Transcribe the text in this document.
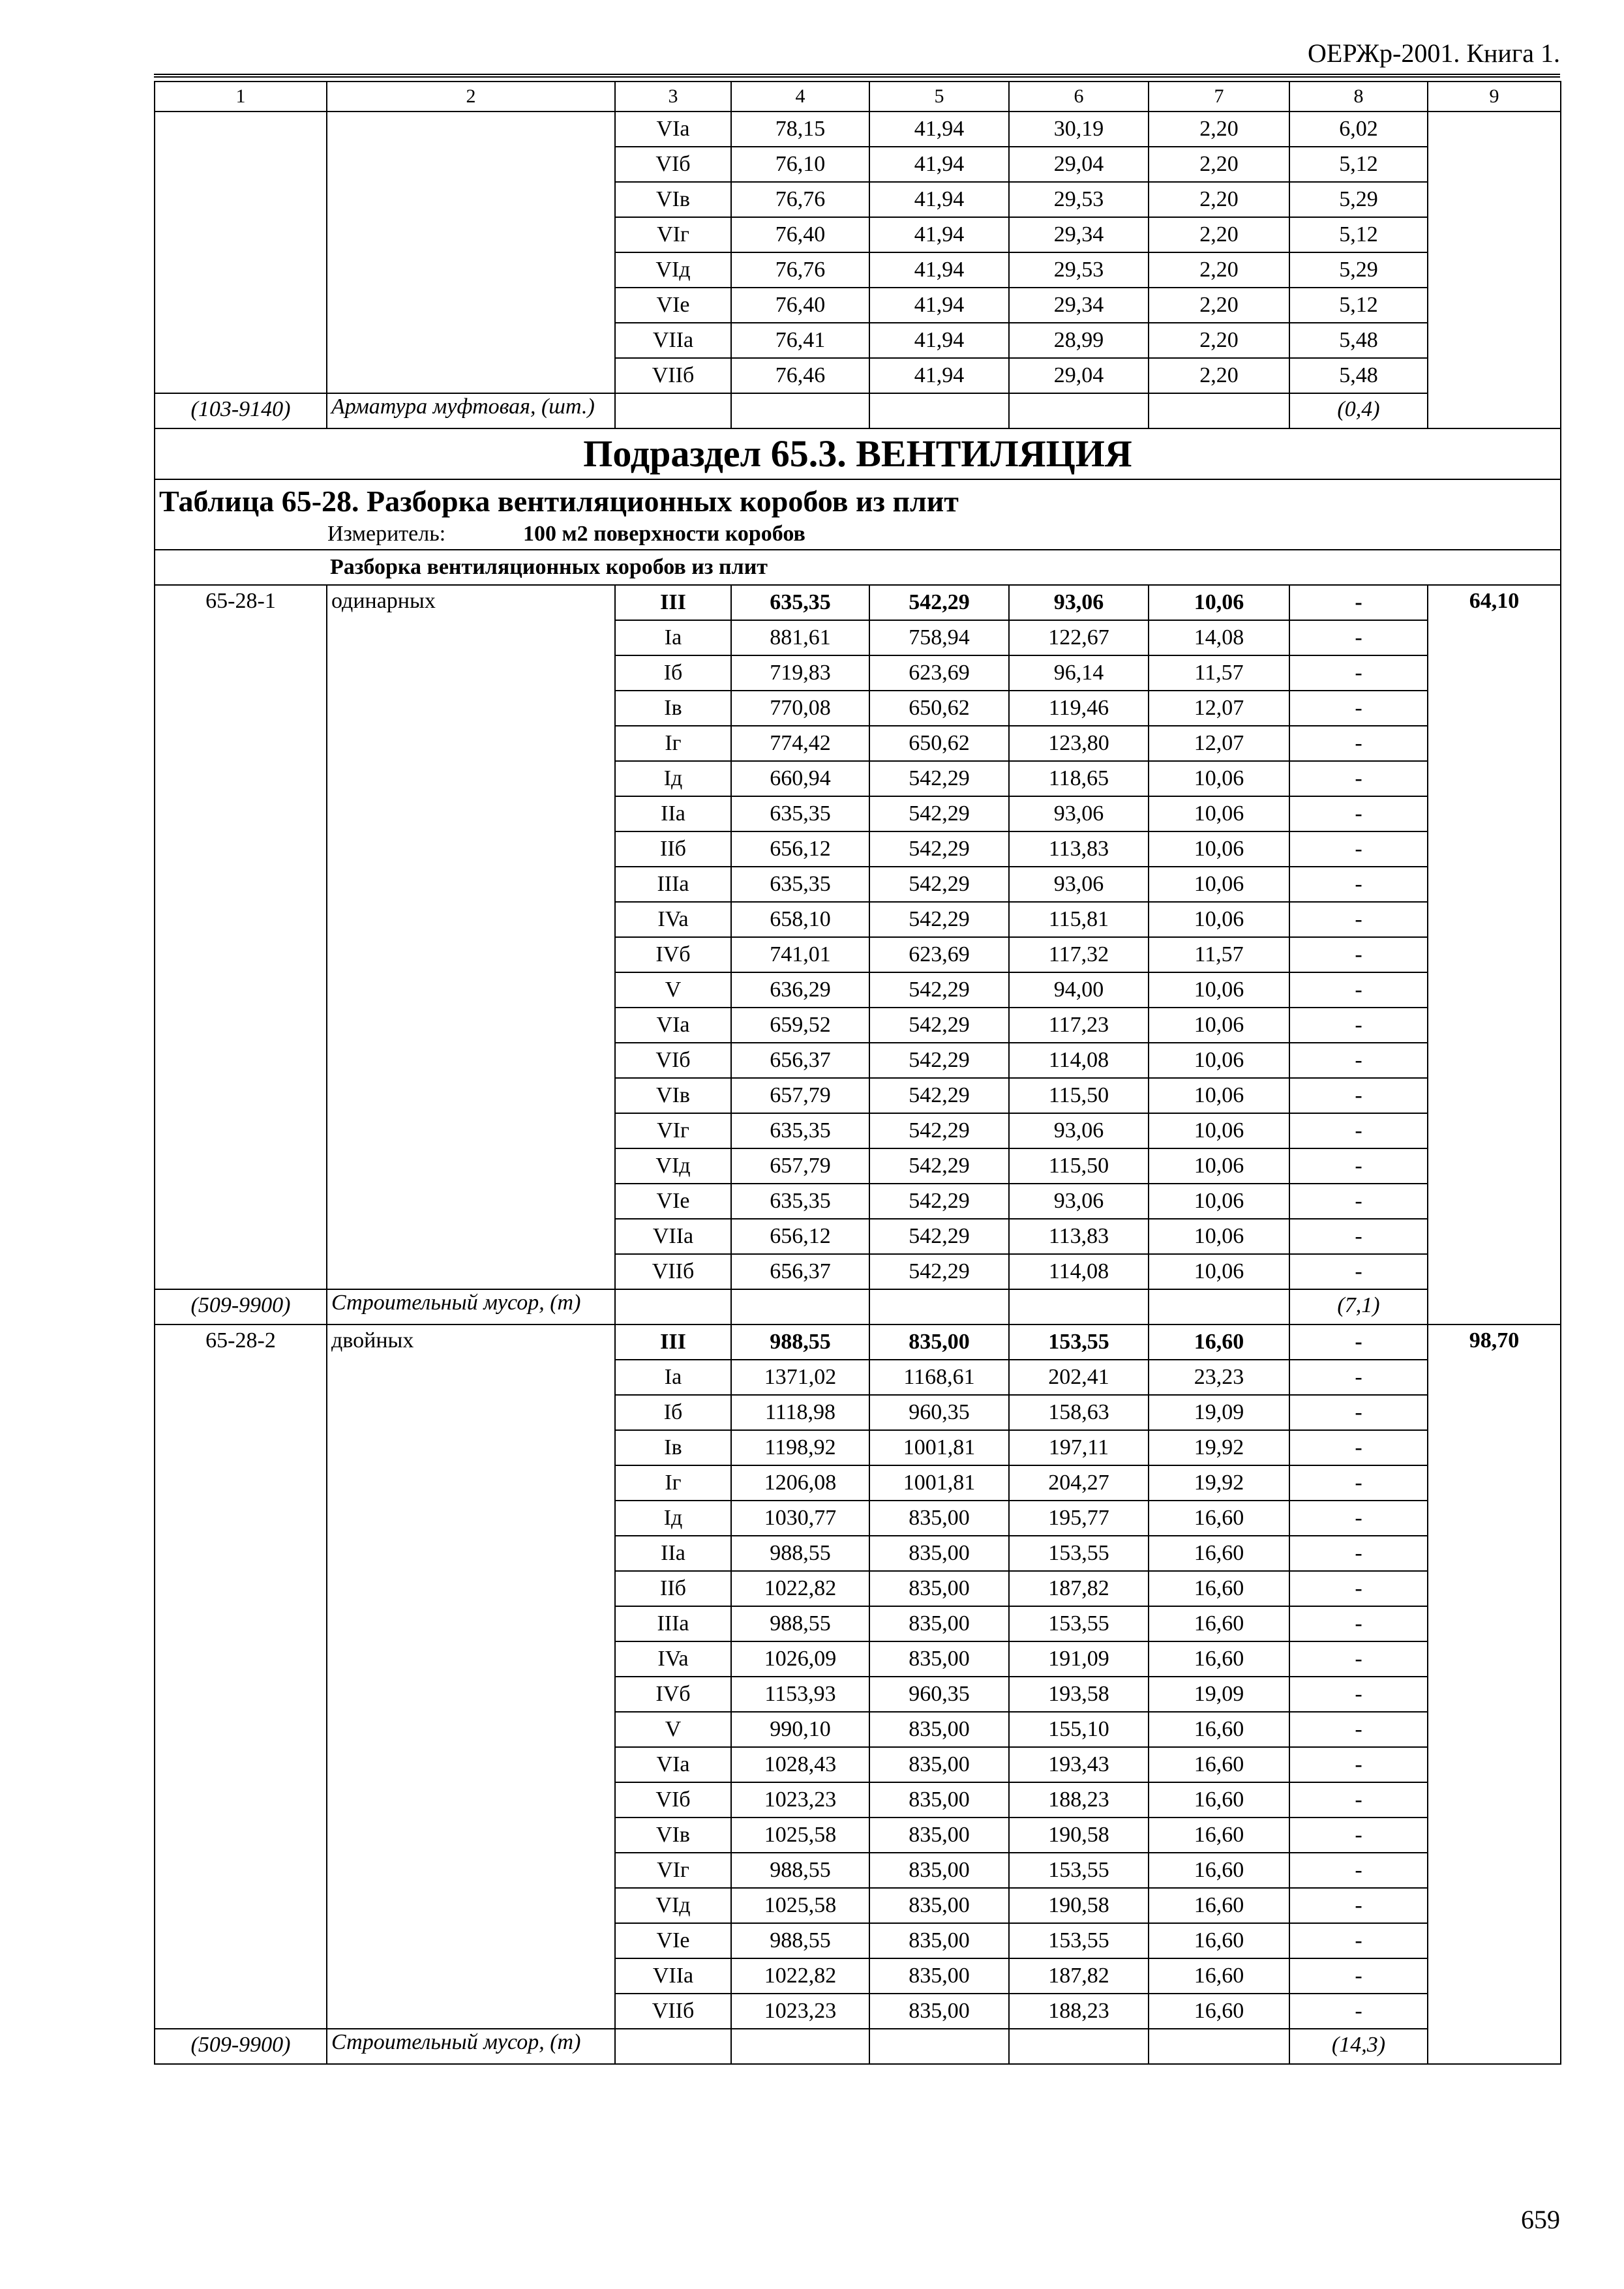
ОЕРЖр-2001. Книга 1.
1	2	3	4	5	6	7	8	9
		VIa	78,15	41,94	30,19	2,20	6,02	
		VIб	76,10	41,94	29,04	2,20	5,12	
		VIв	76,76	41,94	29,53	2,20	5,29	
		VIг	76,40	41,94	29,34	2,20	5,12	
		VIд	76,76	41,94	29,53	2,20	5,29	
		VIе	76,40	41,94	29,34	2,20	5,12	
		VIIa	76,41	41,94	28,99	2,20	5,48	
		VIIб	76,46	41,94	29,04	2,20	5,48	
(103-9140)	Арматура муфтовая, (шт.)						(0,4)	
Подраздел 65.3. ВЕНТИЛЯЦИЯ								

Таблица 65-28. Разборка вентиляционных коробов из плит
Измеритель: 100 м2 поверхности коробов								

Разборка вентиляционных коробов из плит								
65-28-1	одинарных	III	635,35	542,29	93,06	10,06	-	64,10
		Ia	881,61	758,94	122,67	14,08	-	
		Iб	719,83	623,69	96,14	11,57	-	
		Iв	770,08	650,62	119,46	12,07	-	
		Iг	774,42	650,62	123,80	12,07	-	
		Iд	660,94	542,29	118,65	10,06	-	
		IIa	635,35	542,29	93,06	10,06	-	
		IIб	656,12	542,29	113,83	10,06	-	
		IIIa	635,35	542,29	93,06	10,06	-	
		IVa	658,10	542,29	115,81	10,06	-	
		IVб	741,01	623,69	117,32	11,57	-	
		V	636,29	542,29	94,00	10,06	-	
		VIa	659,52	542,29	117,23	10,06	-	
		VIб	656,37	542,29	114,08	10,06	-	
		VIв	657,79	542,29	115,50	10,06	-	
		VIг	635,35	542,29	93,06	10,06	-	
		VIд	657,79	542,29	115,50	10,06	-	
		VIе	635,35	542,29	93,06	10,06	-	
		VIIa	656,12	542,29	113,83	10,06	-	
		VIIб	656,37	542,29	114,08	10,06	-	
(509-9900)	Строительный мусор, (т)						(7,1)	
65-28-2	двойных	III	988,55	835,00	153,55	16,60	-	98,70
		Ia	1371,02	1168,61	202,41	23,23	-	
		Iб	1118,98	960,35	158,63	19,09	-	
		Iв	1198,92	1001,81	197,11	19,92	-	
		Iг	1206,08	1001,81	204,27	19,92	-	
		Iд	1030,77	835,00	195,77	16,60	-	
		IIa	988,55	835,00	153,55	16,60	-	
		IIб	1022,82	835,00	187,82	16,60	-	
		IIIa	988,55	835,00	153,55	16,60	-	
		IVa	1026,09	835,00	191,09	16,60	-	
		IVб	1153,93	960,35	193,58	19,09	-	
		V	990,10	835,00	155,10	16,60	-	
		VIa	1028,43	835,00	193,43	16,60	-	
		VIб	1023,23	835,00	188,23	16,60	-	
		VIв	1025,58	835,00	190,58	16,60	-	
		VIг	988,55	835,00	153,55	16,60	-	
		VIд	1025,58	835,00	190,58	16,60	-	
		VIе	988,55	835,00	153,55	16,60	-	
		VIIa	1022,82	835,00	187,82	16,60	-	
		VIIб	1023,23	835,00	188,23	16,60	-	
(509-9900)	Строительный мусор, (т)						(14,3)	
659
